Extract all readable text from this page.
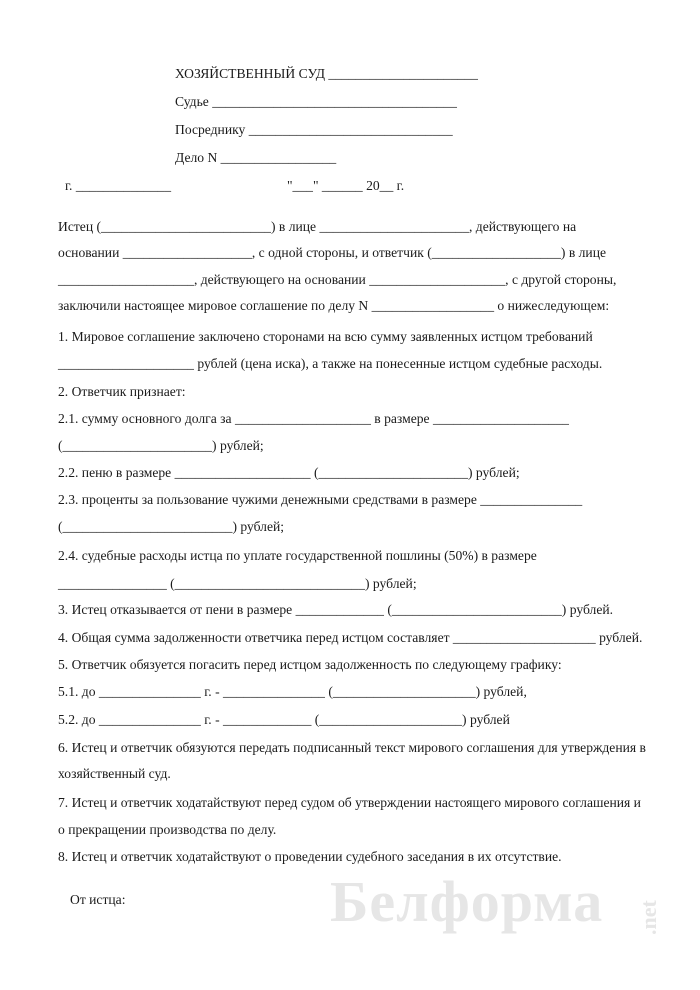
ХОЗЯЙСТВЕННЫЙ СУД ______________________
Судье ____________________________________
Посреднику ______________________________
Дело N _________________
г. ______________	"___" ______ 20__ г.
Истец (_________________________) в лице ______________________, действующего на
основании ___________________, с одной стороны, и ответчик (___________________) в лице
____________________, действующего на основании ____________________, с другой стороны,
заключили настоящее мировое соглашение по делу N __________________ о нижеследующем:
1. Мировое соглашение заключено сторонами на всю сумму заявленных истцом требований
____________________ рублей (цена иска), а также на понесенные истцом судебные расходы.
2. Ответчик признает:
2.1. сумму основного долга за ____________________ в размере ____________________
(______________________) рублей;
2.2. пеню в размере ____________________ (______________________) рублей;
2.3. проценты за пользование чужими денежными средствами в размере _______________
(_________________________) рублей;
2.4. судебные расходы истца по уплате государственной пошлины (50%) в размере
________________ (____________________________) рублей;
3. Истец отказывается от пени в размере _____________ (_________________________) рублей.
4. Общая сумма задолженности ответчика перед истцом составляет _____________________ рублей.
5. Ответчик обязуется погасить перед истцом задолженность по следующему графику:
5.1. до _______________ г. - _______________ (_____________________) рублей,
5.2. до _______________ г. - _____________ (_____________________) рублей
6. Истец и ответчик обязуются передать подписанный текст мирового соглашения для утверждения в
хозяйственный суд.
7. Истец и ответчик ходатайствуют перед судом об утверждении настоящего мирового соглашения и
о прекращении производства по делу.
8. Истец и ответчик ходатайствуют о проведении судебного заседания в их отсутствие.
Белформа .net
От истца:
